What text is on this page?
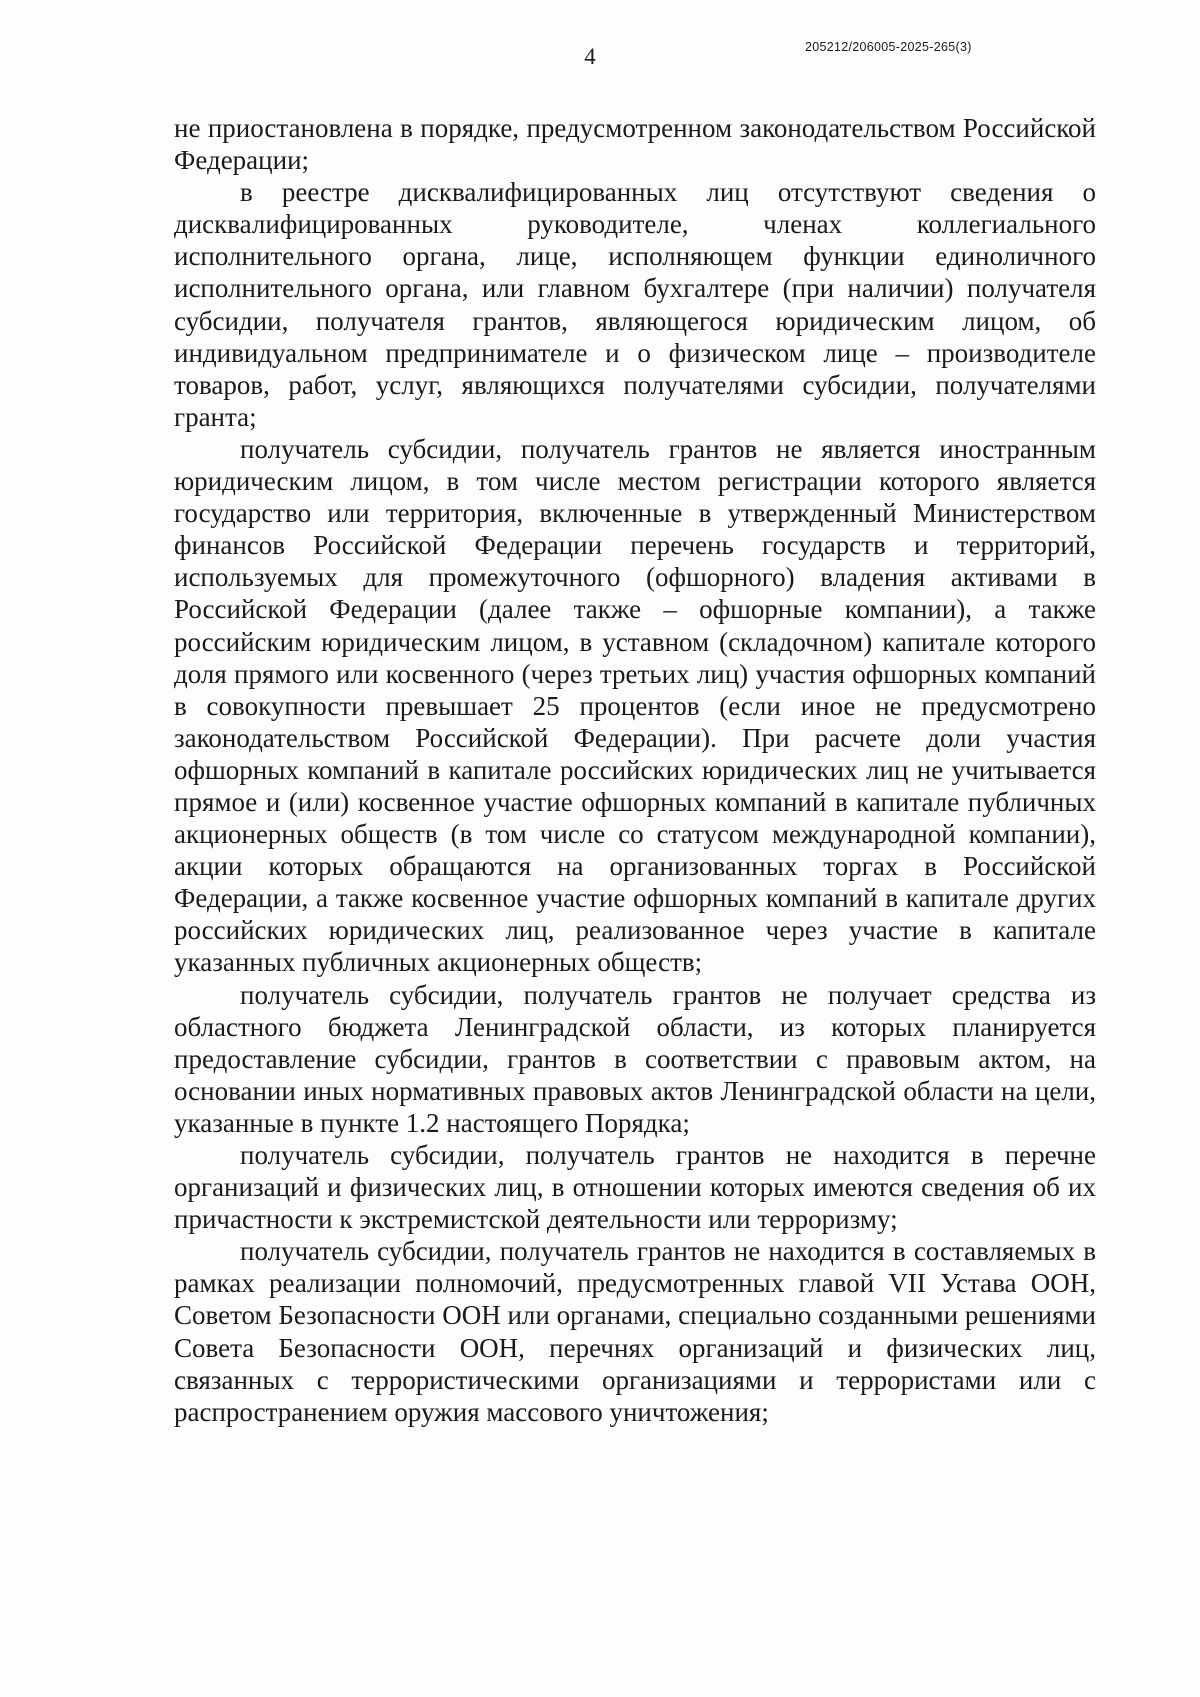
4	205212/206005-2025-265(3)

не приостановлена в порядке, предусмотренном законодательством Российской Федерации;

в реестре дисквалифицированных лиц отсутствуют сведения о дисквалифицированных руководителе, членах коллегиального исполнительного органа, лице, исполняющем функции единоличного исполнительного органа, или главном бухгалтере (при наличии) получателя субсидии, получателя грантов, являющегося юридическим лицом, об индивидуальном предпринимателе и о физическом лице – производителе товаров, работ, услуг, являющихся получателями субсидии, получателями гранта;

получатель субсидии, получатель грантов не является иностранным юридическим лицом, в том числе местом регистрации которого является государство или территория, включенные в утвержденный Министерством финансов Российской Федерации перечень государств и территорий, используемых для промежуточного (офшорного) владения активами в Российской Федерации (далее также – офшорные компании), а также российским юридическим лицом, в уставном (складочном) капитале которого доля прямого или косвенного (через третьих лиц) участия офшорных компаний в совокупности превышает 25 процентов (если иное не предусмотрено законодательством Российской Федерации). При расчете доли участия офшорных компаний в капитале российских юридических лиц не учитывается прямое и (или) косвенное участие офшорных компаний в капитале публичных акционерных обществ (в том числе со статусом международной компании), акции которых обращаются на организованных торгах в Российской Федерации, а также косвенное участие офшорных компаний в капитале других российских юридических лиц, реализованное через участие в капитале указанных публичных акционерных обществ;

получатель субсидии, получатель грантов не получает средства из областного бюджета Ленинградской области, из которых планируется предоставление субсидии, грантов в соответствии с правовым актом, на основании иных нормативных правовых актов Ленинградской области на цели, указанные в пункте 1.2 настоящего Порядка;

получатель субсидии, получатель грантов не находится в перечне организаций и физических лиц, в отношении которых имеются сведения об их причастности к экстремистской деятельности или терроризму;

получатель субсидии, получатель грантов не находится в составляемых в рамках реализации полномочий, предусмотренных главой VII Устава ООН, Советом Безопасности ООН или органами, специально созданными решениями Совета Безопасности ООН, перечнях организаций и физических лиц, связанных с террористическими организациями и террористами или с распространением оружия массового уничтожения;
